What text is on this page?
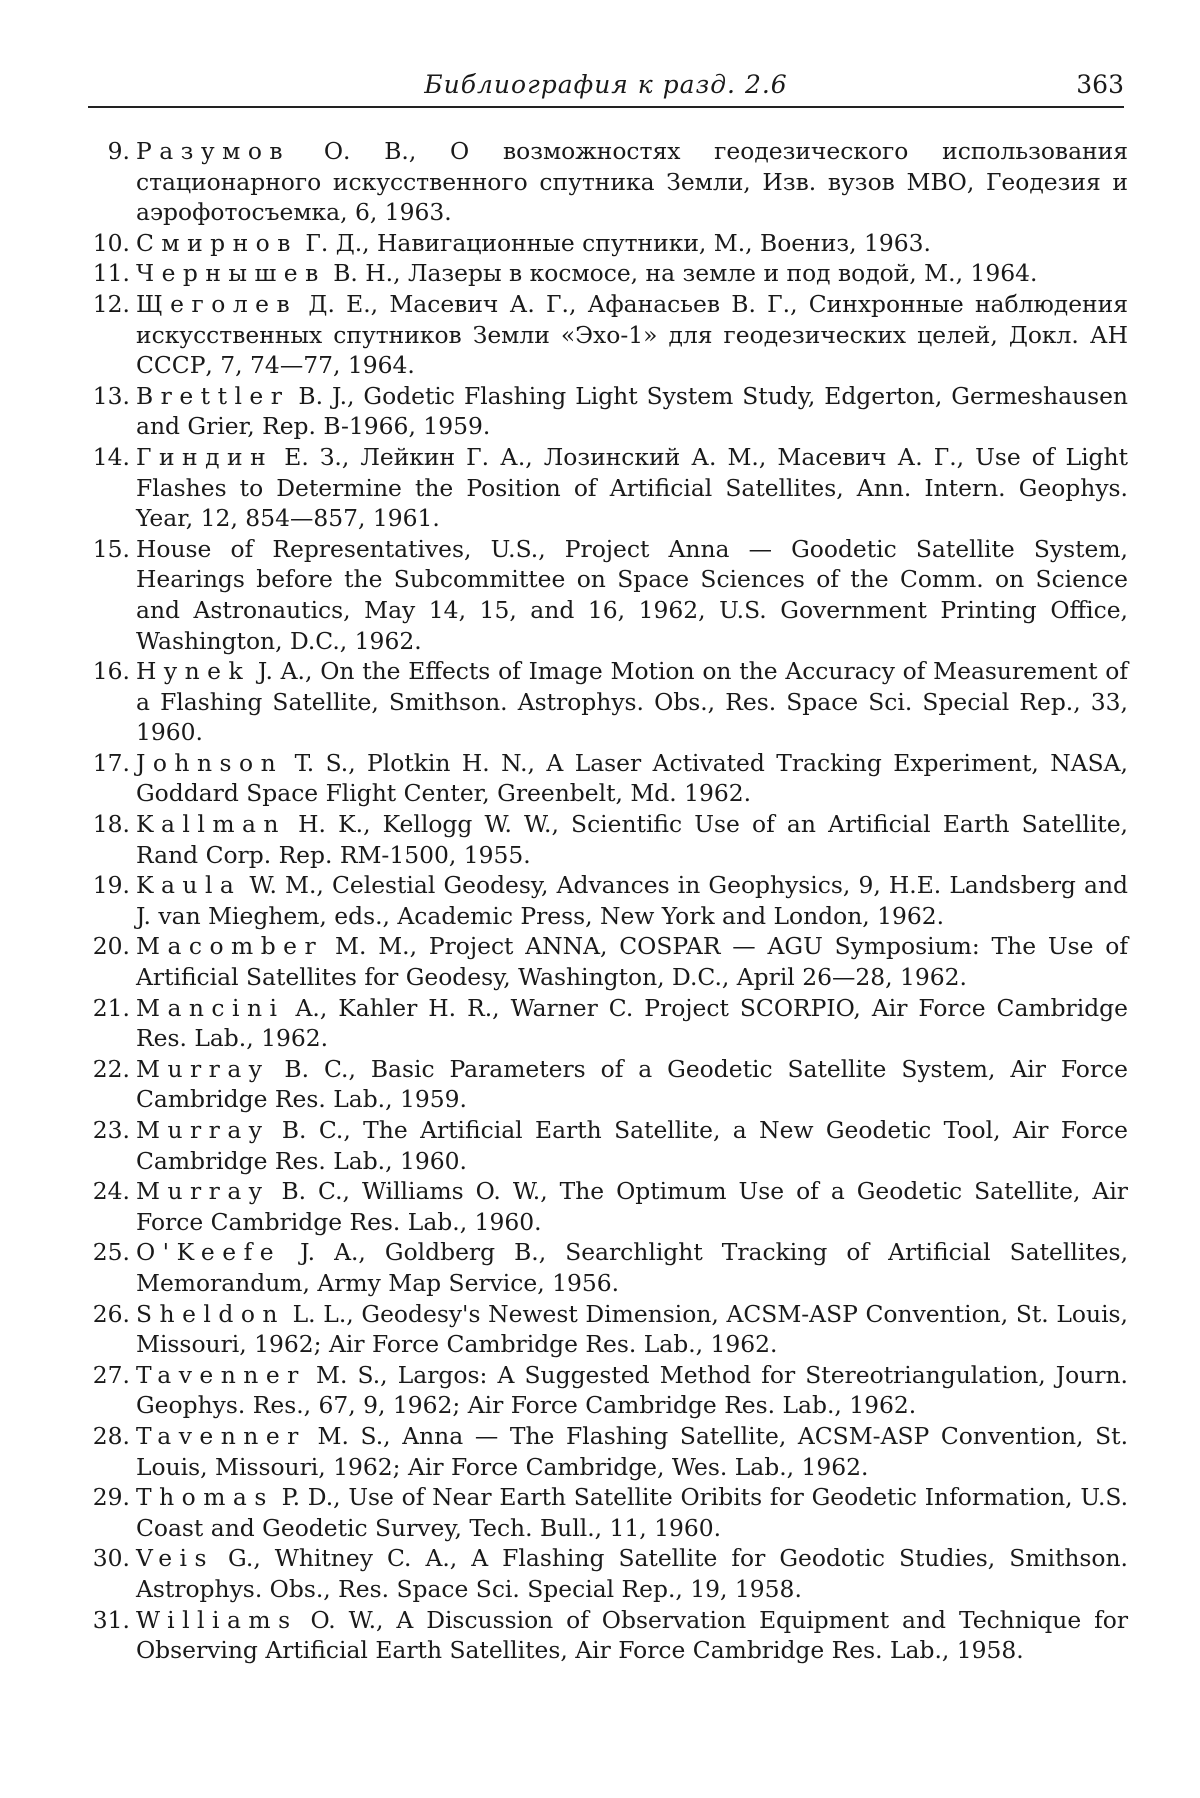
Библиография к разд. 2.6	363
9. Разумов О. В., О возможностях геодезического использования стационарного искусственного спутника Земли, Изв. вузов МВО, Геодезия и аэрофотосъемка, 6, 1963.
10. Смирнов Г. Д., Навигационные спутники, М., Воениз, 1963.
11. Чернышев В. Н., Лазеры в космосе, на земле и под водой, М., 1964.
12. Щеголев Д. Е., Масевич А. Г., Афанасьев В. Г., Синхронные наблюдения искусственных спутников Земли «Эхо-1» для геодезических целей, Докл. АН СССР, 7, 74—77, 1964.
13. Brettler B. J., Godetic Flashing Light System Study, Edgerton, Germeshausen and Grier, Rep. B-1966, 1959.
14. Гиндин Е. З., Лейкин Г. А., Лозинский А. М., Масевич А. Г., Use of Light Flashes to Determine the Position of Artificial Satellites, Ann. Intern. Geophys. Year, 12, 854—857, 1961.
15. House of Representatives, U.S., Project Anna — Goodetic Satellite System, Hearings before the Subcommittee on Space Sciences of the Comm. on Science and Astronautics, May 14, 15, and 16, 1962, U.S. Government Printing Office, Washington, D.C., 1962.
16. Hynek J. A., On the Effects of Image Motion on the Accuracy of Measurement of a Flashing Satellite, Smithson. Astrophys. Obs., Res. Space Sci. Special Rep., 33, 1960.
17. Johnson T. S., Plotkin H. N., A Laser Activated Tracking Experiment, NASA, Goddard Space Flight Center, Greenbelt, Md. 1962.
18. Kallman H. K., Kellogg W. W., Scientific Use of an Artificial Earth Satellite, Rand Corp. Rep. RM-1500, 1955.
19. Kaula W. M., Celestial Geodesy, Advances in Geophysics, 9, H.E. Landsberg and J. van Mieghem, eds., Academic Press, New York and London, 1962.
20. Macomber M. M., Project ANNA, COSPAR — AGU Symposium: The Use of Artificial Satellites for Geodesy, Washington, D.C., April 26—28, 1962.
21. Mancini A., Kahler H. R., Warner C. Project SCORPIO, Air Force Cambridge Res. Lab., 1962.
22. Murray B. C., Basic Parameters of a Geodetic Satellite System, Air Force Cambridge Res. Lab., 1959.
23. Murray B. C., The Artificial Earth Satellite, a New Geodetic Tool, Air Force Cambridge Res. Lab., 1960.
24. Murray B. C., Williams O. W., The Optimum Use of a Geodetic Satellite, Air Force Cambridge Res. Lab., 1960.
25. O'Keefe J. A., Goldberg B., Searchlight Tracking of Artificial Satellites, Memorandum, Army Map Service, 1956.
26. Sheldon L. L., Geodesy's Newest Dimension, ACSM-ASP Convention, St. Louis, Missouri, 1962; Air Force Cambridge Res. Lab., 1962.
27. Tavenner M. S., Largos: A Suggested Method for Stereotriangulation, Journ. Geophys. Res., 67, 9, 1962; Air Force Cambridge Res. Lab., 1962.
28. Tavenner M. S., Anna — The Flashing Satellite, ACSM-ASP Convention, St. Louis, Missouri, 1962; Air Force Cambridge, Wes. Lab., 1962.
29. Thomas P. D., Use of Near Earth Satellite Oribits for Geodetic Information, U.S. Coast and Geodetic Survey, Tech. Bull., 11, 1960.
30. Veis G., Whitney C. A., A Flashing Satellite for Geodotic Studies, Smithson. Astrophys. Obs., Res. Space Sci. Special Rep., 19, 1958.
31. Williams O. W., A Discussion of Observation Equipment and Technique for Observing Artificial Earth Satellites, Air Force Cambridge Res. Lab., 1958.
